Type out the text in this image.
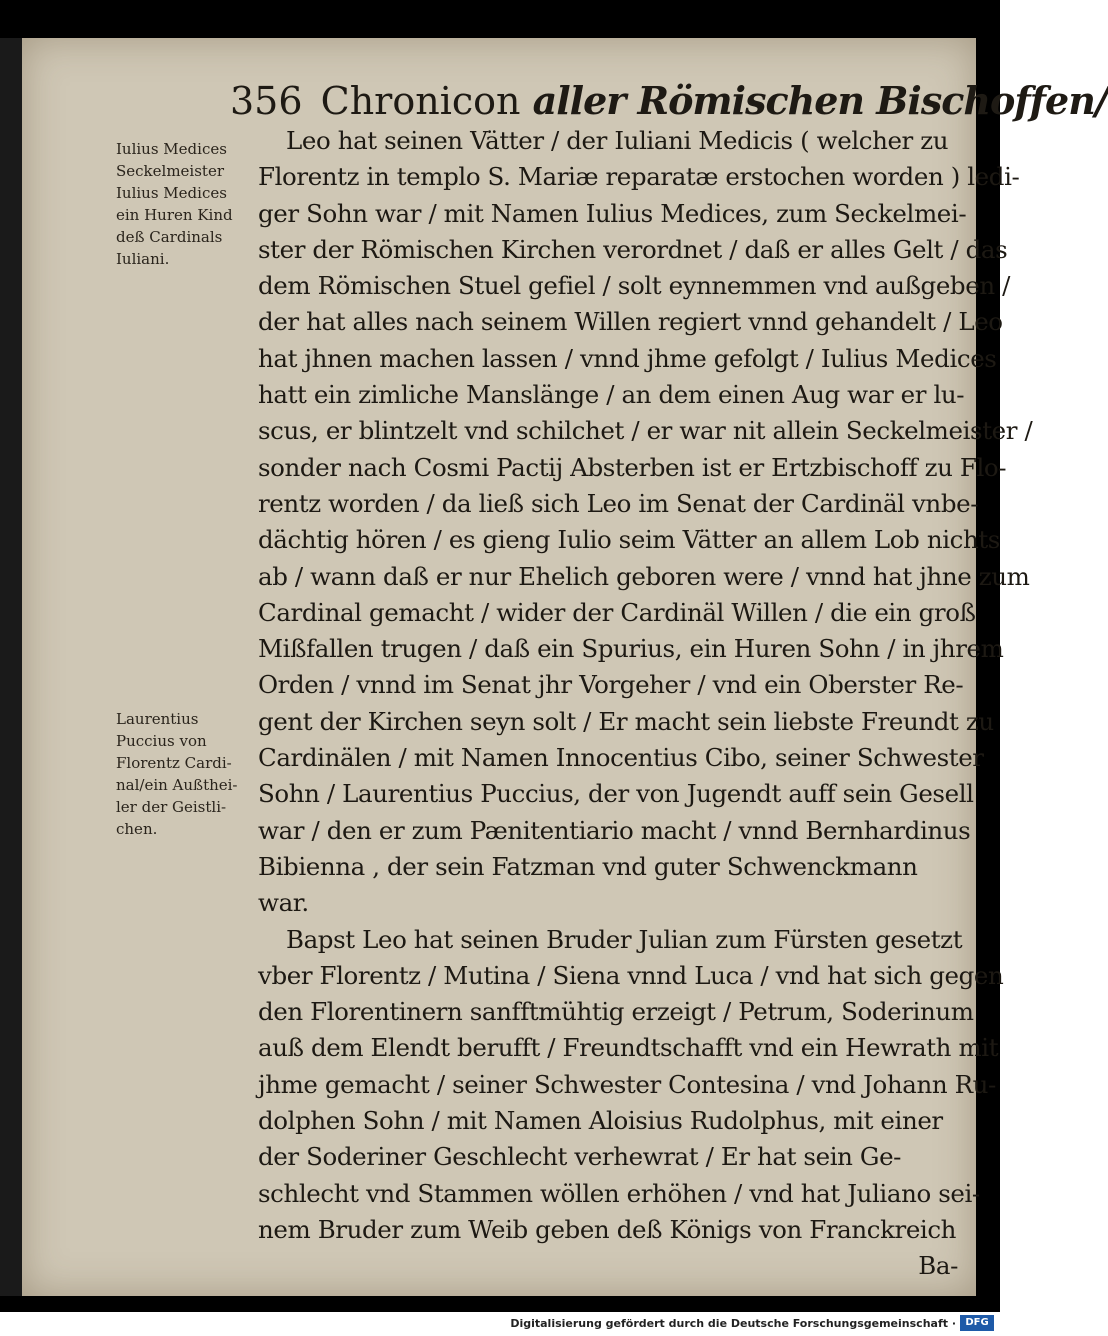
356 Chronicon aller Römischen Bischoffen/
Iulius Medices
Seckelmeister
Iulius Medices
ein Huren Kind
deß Cardinals
Iuliani.
Laurentius
Puccius von
Florentz Cardi-
nal/ein Außthei-
ler der Geistli-
chen.
Leo hat seinen Vätter / der Iuliani Medicis ( welcher zu
Florentz in templo S. Mariæ reparatæ erstochen worden ) ledi-
ger Sohn war / mit Namen Iulius Medices, zum Seckelmei-
ster der Römischen Kirchen verordnet / daß er alles Gelt / das
dem Römischen Stuel gefiel / solt eynnemmen vnd außgeben /
der hat alles nach seinem Willen regiert vnnd gehandelt / Leo
hat jhnen machen lassen / vnnd jhme gefolgt / Iulius Medices
hatt ein zimliche Manslänge / an dem einen Aug war er lu-
scus, er blintzelt vnd schilchet / er war nit allein Seckelmeister /
sonder nach Cosmi Pactij Absterben ist er Ertzbischoff zu Flo-
rentz worden / da ließ sich Leo im Senat der Cardinäl vnbe-
dächtig hören / es gieng Iulio seim Vätter an allem Lob nichts
ab / wann daß er nur Ehelich geboren were / vnnd hat jhne zum
Cardinal gemacht / wider der Cardinäl Willen / die ein groß
Mißfallen trugen / daß ein Spurius, ein Huren Sohn / in jhrem
Orden / vnnd im Senat jhr Vorgeher / vnd ein Oberster Re-
gent der Kirchen seyn solt / Er macht sein liebste Freundt zu
Cardinälen / mit Namen Innocentius Cibo, seiner Schwester
Sohn / Laurentius Puccius, der von Jugendt auff sein Gesell
war / den er zum Pænitentiario macht / vnnd Bernhardinus
Bibienna , der sein Fatzman vnd guter Schwenckmann
war.
Bapst Leo hat seinen Bruder Julian zum Fürsten gesetzt
vber Florentz / Mutina / Siena vnnd Luca / vnd hat sich gegen
den Florentinern sanfftmühtig erzeigt / Petrum, Soderinum
auß dem Elendt berufft / Freundtschafft vnd ein Hewrath mit
jhme gemacht / seiner Schwester Contesina / vnd Johann Ru-
dolphen Sohn / mit Namen Aloisius Rudolphus, mit einer
der Soderiner Geschlecht verhewrat / Er hat sein Ge-
schlecht vnd Stammen wöllen erhöhen / vnd hat Juliano sei-
nem Bruder zum Weib geben deß Königs von Franckreich
Ba-
Digitalisierung gefördert durch die Deutsche Forschungsgemeinschaft · DFG
